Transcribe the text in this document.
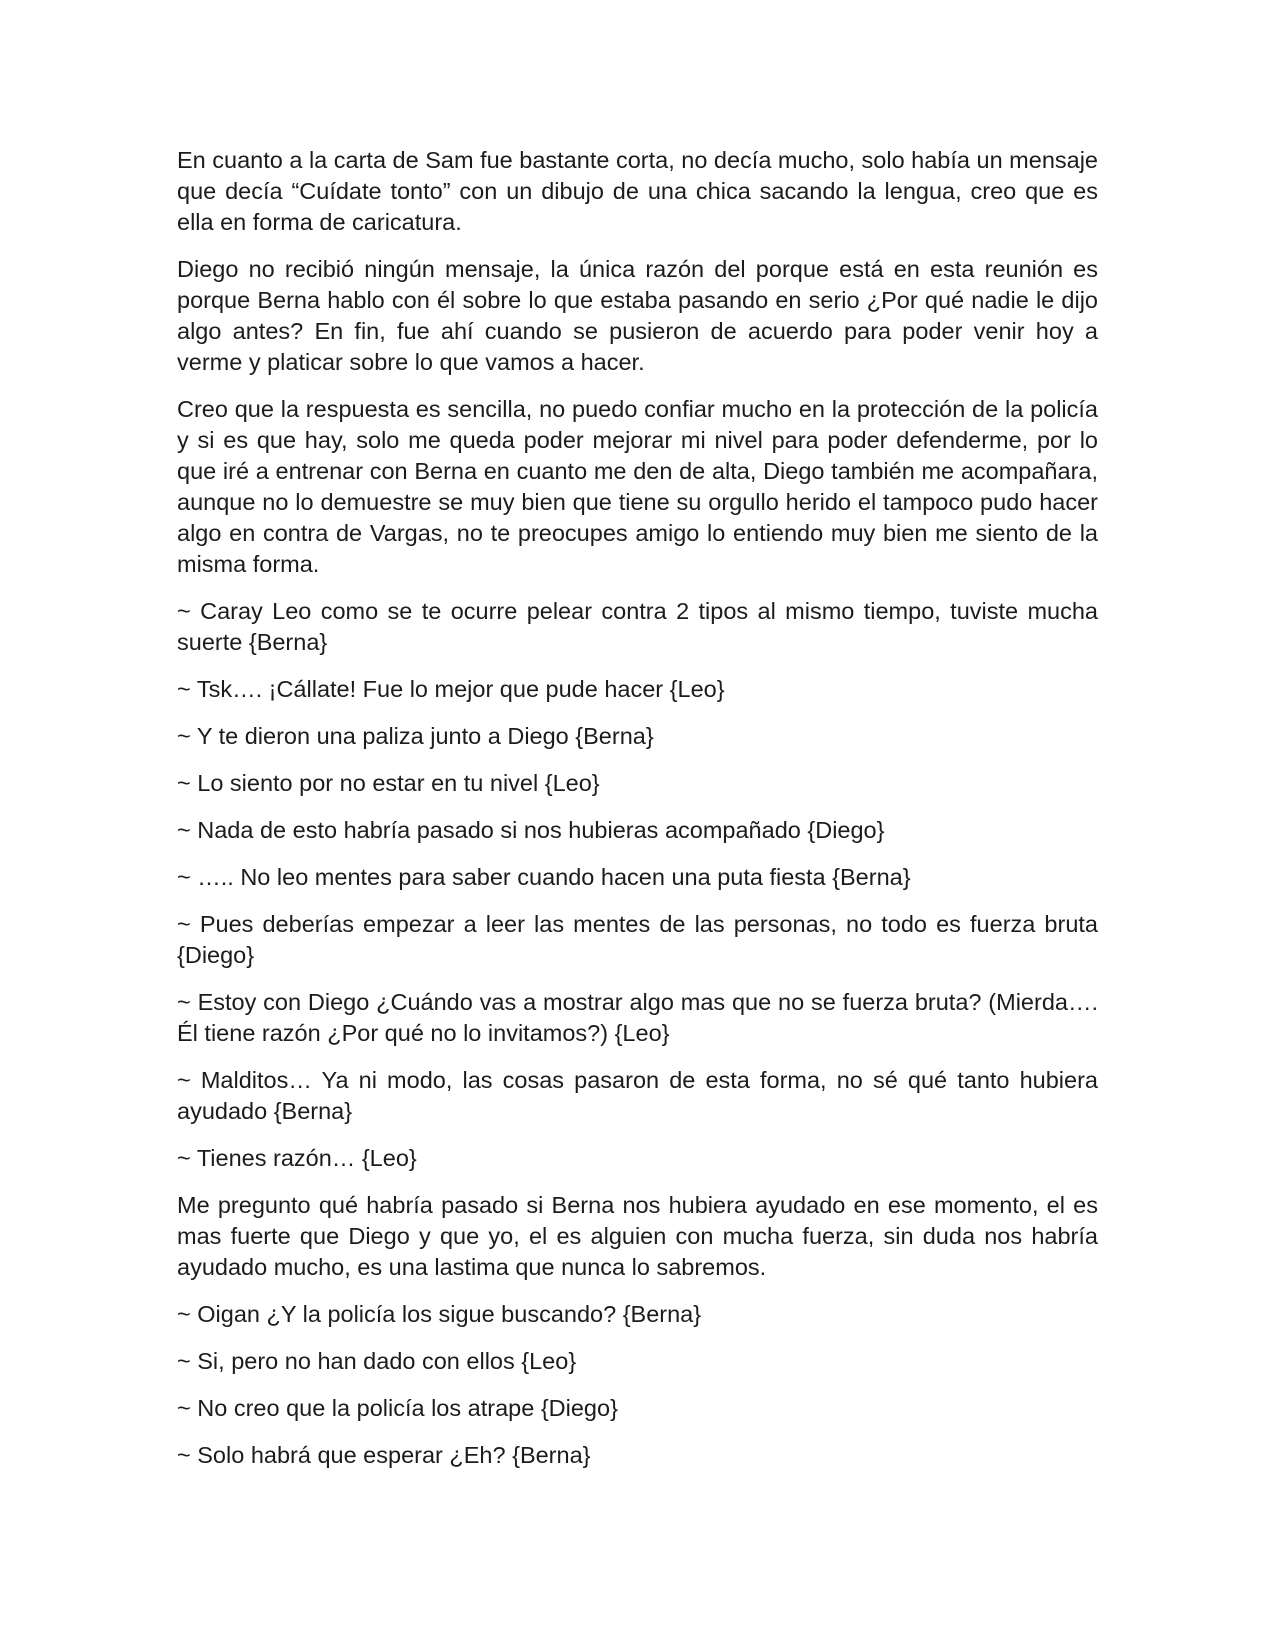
En cuanto a la carta de Sam fue bastante corta, no decía mucho, solo había un mensaje que decía “Cuídate tonto” con un dibujo de una chica sacando la lengua, creo que es ella en forma de caricatura.

Diego no recibió ningún mensaje, la única razón del porque está en esta reunión es porque Berna hablo con él sobre lo que estaba pasando en serio ¿Por qué nadie le dijo algo antes? En fin, fue ahí cuando se pusieron de acuerdo para poder venir hoy a verme y platicar sobre lo que vamos a hacer.

Creo que la respuesta es sencilla, no puedo confiar mucho en la protección de la policía y si es que hay, solo me queda poder mejorar mi nivel para poder defenderme, por lo que iré a entrenar con Berna en cuanto me den de alta, Diego también me acompañara, aunque no lo demuestre se muy bien que tiene su orgullo herido el tampoco pudo hacer algo en contra de Vargas, no te preocupes amigo lo entiendo muy bien me siento de la misma forma.

~ Caray Leo como se te ocurre pelear contra 2 tipos al mismo tiempo, tuviste mucha suerte {Berna}

~ Tsk…. ¡Cállate! Fue lo mejor que pude hacer {Leo}

~ Y te dieron una paliza junto a Diego {Berna}

~ Lo siento por no estar en tu nivel {Leo}

~ Nada de esto habría pasado si nos hubieras acompañado {Diego}

~ ….. No leo mentes para saber cuando hacen una puta fiesta {Berna}

~ Pues deberías empezar a leer las mentes de las personas, no todo es fuerza bruta {Diego}

~ Estoy con Diego ¿Cuándo vas a mostrar algo mas que no se fuerza bruta? (Mierda…. Él tiene razón ¿Por qué no lo invitamos?) {Leo}

~ Malditos… Ya ni modo, las cosas pasaron de esta forma, no sé qué tanto hubiera ayudado {Berna}

~ Tienes razón… {Leo}

Me pregunto qué habría pasado si Berna nos hubiera ayudado en ese momento, el es mas fuerte que Diego y que yo, el es alguien con mucha fuerza, sin duda nos habría ayudado mucho, es una lastima que nunca lo sabremos.

~ Oigan ¿Y la policía los sigue buscando? {Berna}

~ Si, pero no han dado con ellos {Leo}

~ No creo que la policía los atrape {Diego}

~ Solo habrá que esperar ¿Eh? {Berna}
